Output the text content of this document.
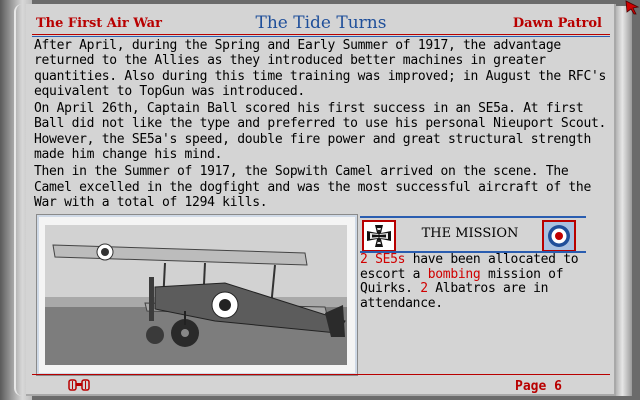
The First Air War	The Tide Turns	Dawn Patrol

After April, during the Spring and Early Summer of 1917, the advantage returned to the Allies as they introduced better machines in greater quantities. Also during this time training was improved; in August the RFC's equivalent to TopGun was introduced.

On April 26th, Captain Ball scored his first success in an SE5a. At first Ball did not like the type and preferred to use his personal Nieuport Scout. However, the SE5a's speed, double fire power and great structural strength made him change his mind.

Then in the Summer of 1917, the Sopwith Camel arrived on the scene. The Camel excelled in the dogfight and was the most successful aircraft of the War with a total of 1294 kills.

THE MISSION
2 SE5s have been allocated to escort a bombing mission of Quirks. 2 Albatros are in attendance.
Page 6
